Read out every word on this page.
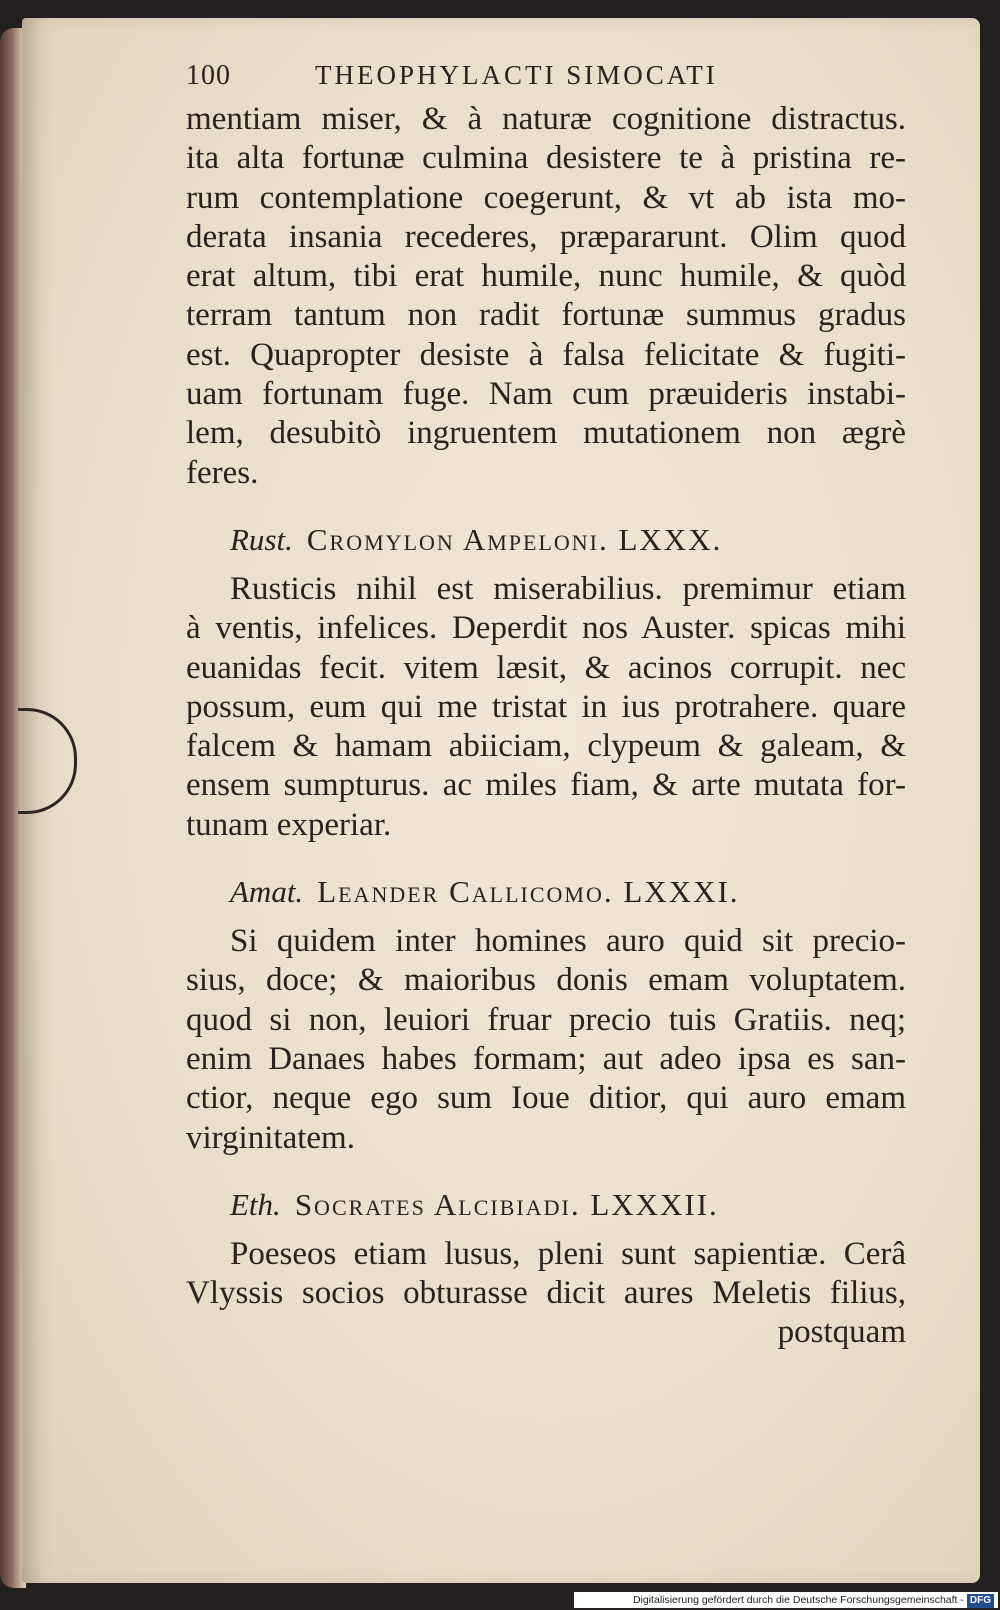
100	THEOPHYLACTI SIMOCATI
mentiam miser, & à naturæ cognitione distractus.
ita alta fortunæ culmina desistere te à pristina re-
rum contemplatione coegerunt, & vt ab ista mo-
derata insania recederes, præpararunt. Olim quod
erat altum, tibi erat humile, nunc humile, & quòd
terram tantum non radit fortunæ summus gradus
est. Quapropter desiste à falsa felicitate & fugiti-
uam fortunam fuge. Nam cum præuideris instabi-
lem, desubitò ingruentem mutationem non ægrè
feres.
Rust. Cromylon Ampeloni. LXXX.
Rusticis nihil est miserabilius. premimur etiam
à ventis, infelices. Deperdit nos Auster. spicas mihi
euanidas fecit. vitem læsit, & acinos corrupit. nec
possum, eum qui me tristat in ius protrahere. quare
falcem & hamam abiiciam, clypeum & galeam, &
ensem sumpturus. ac miles fiam, & arte mutata for-
tunam experiar.
Amat. Leander Callicomo. LXXXI.
Si quidem inter homines auro quid sit precio-
sius, doce; & maioribus donis emam voluptatem.
quod si non, leuiori fruar precio tuis Gratiis. neq;
enim Danaes habes formam; aut adeo ipsa es san-
ctior, neque ego sum Ioue ditior, qui auro emam
virginitatem.
Eth. Socrates Alcibiadi. LXXXII.
Poeseos etiam lusus, pleni sunt sapientiæ. Cerâ
Vlyssis socios obturasse dicit aures Meletis filius,
postquam
Digitalisierung gefördert durch die Deutsche Forschungsgemeinschaft - DFG
